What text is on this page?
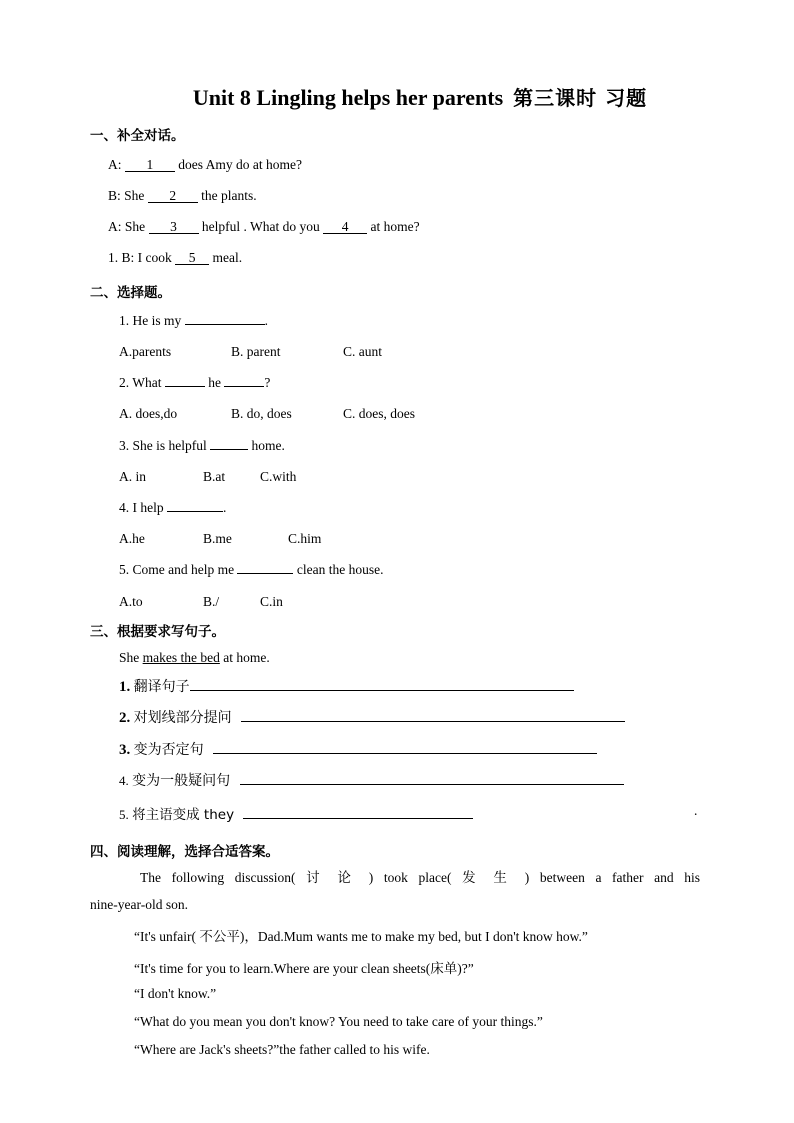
Unit 8 Lingling helps her parents 第三课时 习题
一、补全对话。
A: 1 does Amy do at home?
B: She 2 the plants.
A: She 3 helpful . What do you 4 at home?
1. B: I cook 5 meal.
二、选择题。
1. He is my	.
A.parents	B. parent	C. aunt
2. What	he	?
A. does,do	B. do, does	C. does, does
3. She is helpful	home.
A. in	B.at	C.with
4. I help	.
A.he	B.me	C.him
5. Come and help me	clean the house.
A.to	B./	C.in
三、根据要求写句子。
She makes the bed at home.
1. 翻译句子
2. 对划线部分提问
3. 变为否定句
4. 变为一般疑问句
5. 将主语变成 they	.
四、阅读理解，选择合适答案。
The following discussion( 讨 论 ) took place( 发 生 ) between a father and his
nine-year-old son.
“It's unfair( 不公平)，Dad.Mum wants me to make my bed, but I don't know how.”
“It's time for you to learn.Where are your clean sheets(床单)?”
“I don't know.”
“What do you mean you don't know? You need to take care of your things.”
“Where are Jack's sheets?”the father called to his wife.
